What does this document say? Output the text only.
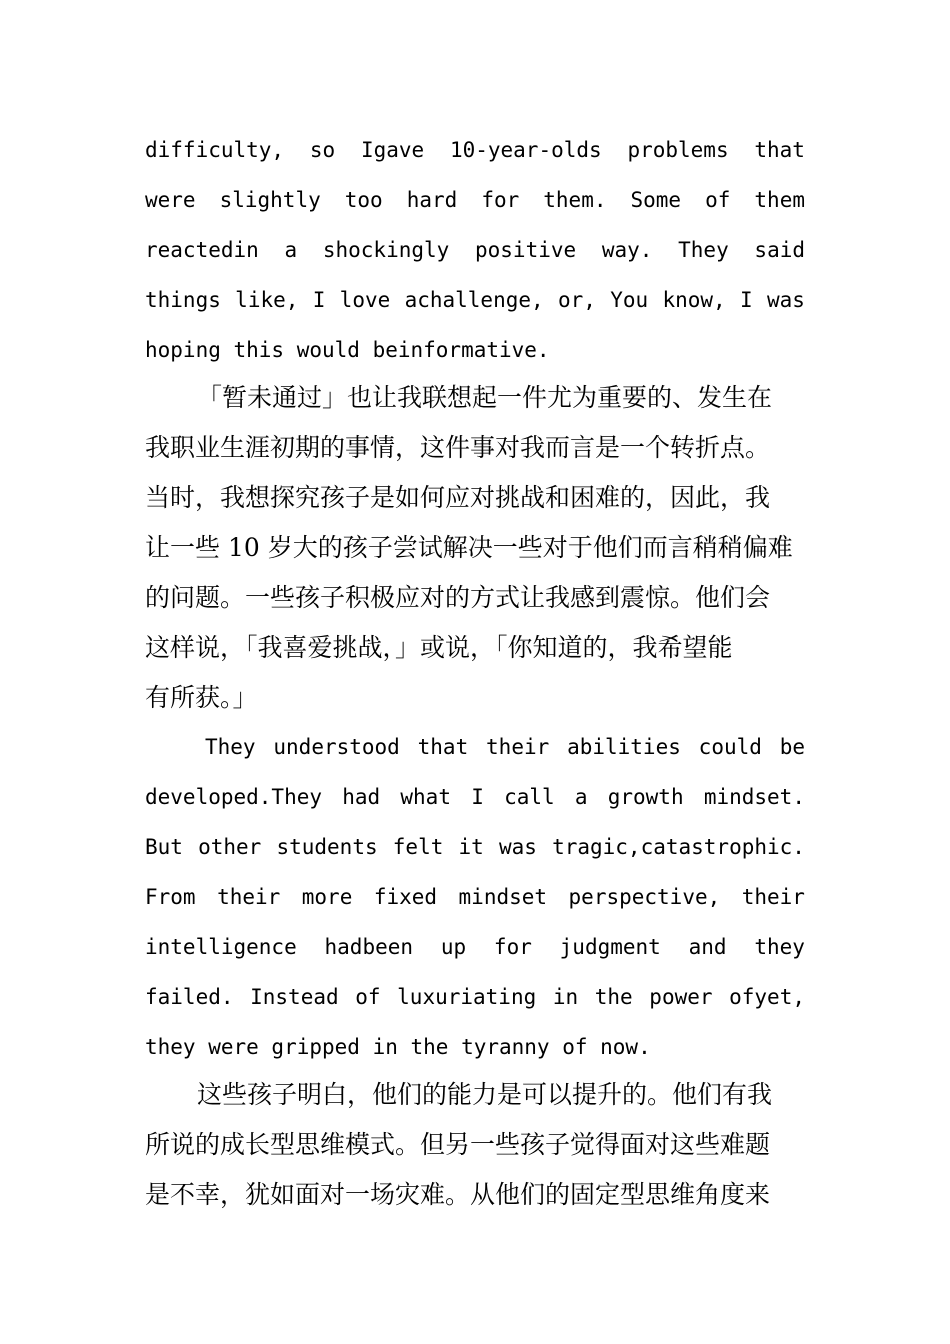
difficulty, so Igave 10-year-olds problems that

were slightly too hard for them. Some of them

reactedin a shockingly positive way. They said

things like, I love achallenge, or, You know, I was

hoping this would beinformative.

「暂未通过」也让我联想起一件尤为重要的、发生在

我职业生涯初期的事情，这件事对我而言是一个转折点。

当时，我想探究孩子是如何应对挑战和困难的，因此，我

让一些 10 岁大的孩子尝试解决一些对于他们而言稍稍偏难

的问题。一些孩子积极应对的方式让我感到震惊。他们会

这样说，「我喜爱挑战，」或说，「你知道的，我希望能

有所获。」

They understood that their abilities could be

developed.They had what I call a growth mindset.

But other students felt it was tragic,catastrophic.

From their more fixed mindset perspective, their

intelligence hadbeen up for judgment and they

failed. Instead of luxuriating in the power ofyet,

they were gripped in the tyranny of now.

这些孩子明白，他们的能力是可以提升的。他们有我

所说的成长型思维模式。但另一些孩子觉得面对这些难题

是不幸，犹如面对一场灾难。从他们的固定型思维角度来
